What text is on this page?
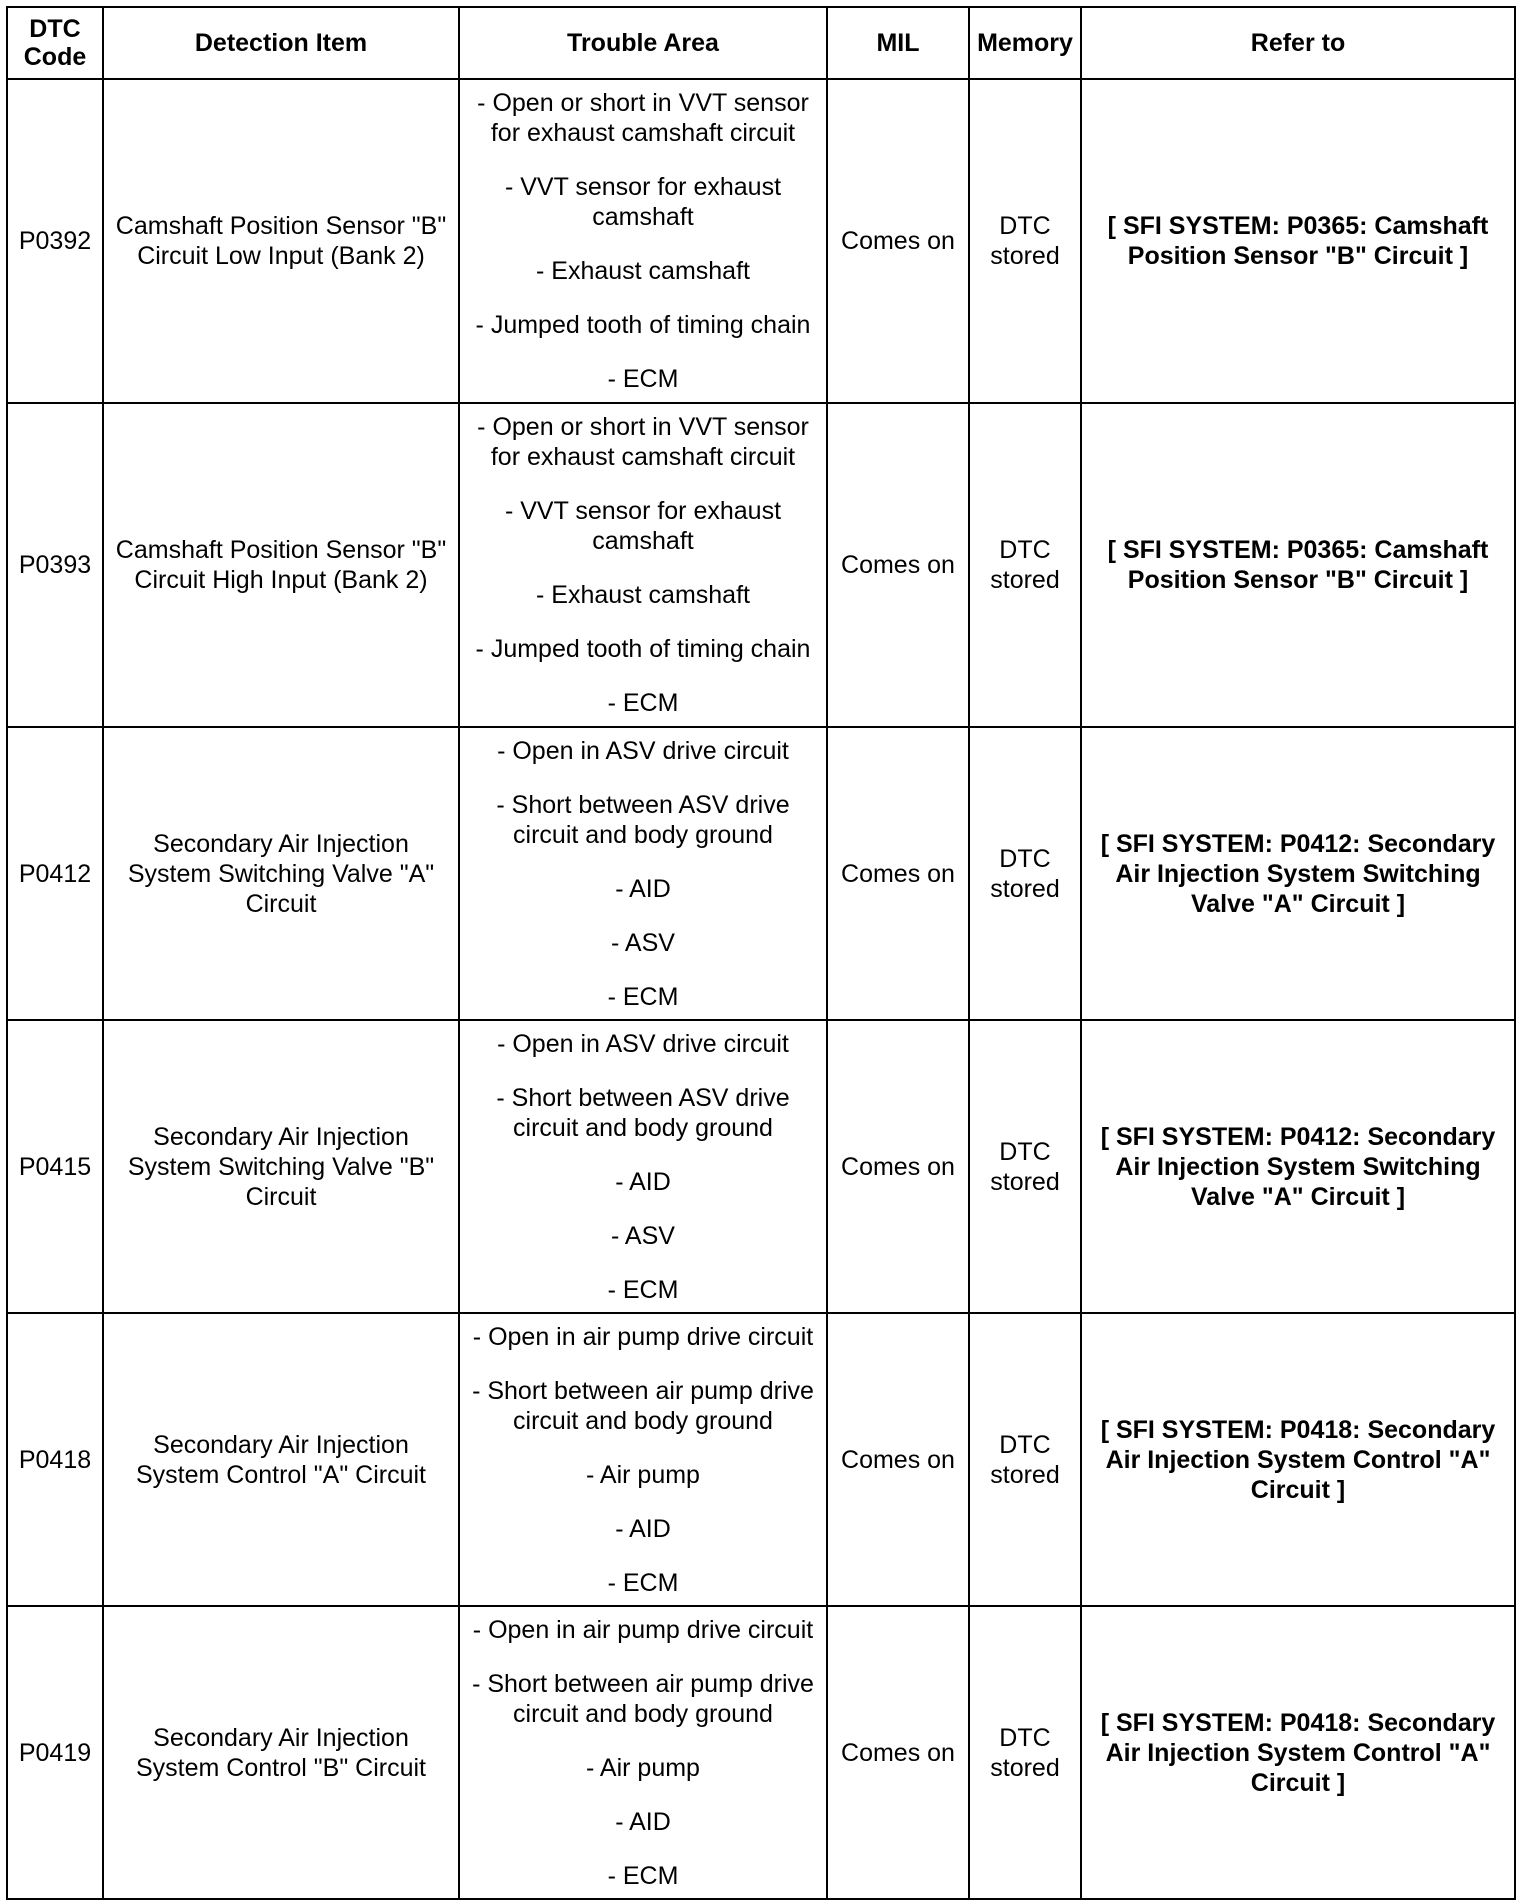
DTC Code	Detection Item	Trouble Area	MIL	Memory	Refer to
P0392	Camshaft Position Sensor "B" Circuit Low Input (Bank 2)	- Open or short in VVT sensor for exhaust camshaft circuit
- VVT sensor for exhaust camshaft
- Exhaust camshaft
- Jumped tooth of timing chain
- ECM	Comes on	DTC stored	[ SFI SYSTEM: P0365: Camshaft Position Sensor "B" Circuit ]
P0393	Camshaft Position Sensor "B" Circuit High Input (Bank 2)	- Open or short in VVT sensor for exhaust camshaft circuit
- VVT sensor for exhaust camshaft
- Exhaust camshaft
- Jumped tooth of timing chain
- ECM	Comes on	DTC stored	[ SFI SYSTEM: P0365: Camshaft Position Sensor "B" Circuit ]
P0412	Secondary Air Injection System Switching Valve "A" Circuit	- Open in ASV drive circuit
- Short between ASV drive circuit and body ground
- AID
- ASV
- ECM	Comes on	DTC stored	[ SFI SYSTEM: P0412: Secondary Air Injection System Switching Valve "A" Circuit ]
P0415	Secondary Air Injection System Switching Valve "B" Circuit	- Open in ASV drive circuit
- Short between ASV drive circuit and body ground
- AID
- ASV
- ECM	Comes on	DTC stored	[ SFI SYSTEM: P0412: Secondary Air Injection System Switching Valve "A" Circuit ]
P0418	Secondary Air Injection System Control "A" Circuit	- Open in air pump drive circuit
- Short between air pump drive circuit and body ground
- Air pump
- AID
- ECM	Comes on	DTC stored	[ SFI SYSTEM: P0418: Secondary Air Injection System Control "A" Circuit ]
P0419	Secondary Air Injection System Control "B" Circuit	- Open in air pump drive circuit
- Short between air pump drive circuit and body ground
- Air pump
- AID
- ECM	Comes on	DTC stored	[ SFI SYSTEM: P0418: Secondary Air Injection System Control "A" Circuit ]
